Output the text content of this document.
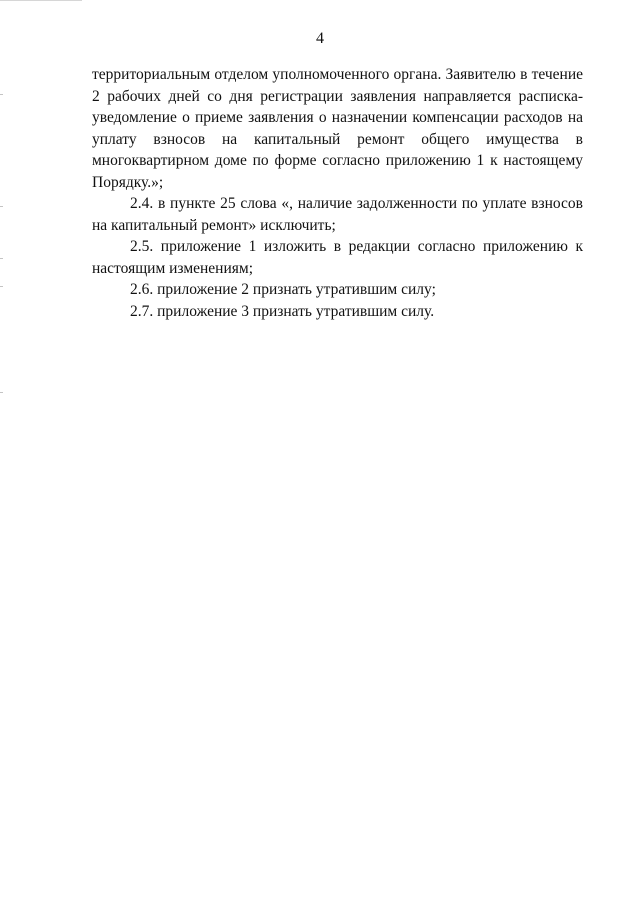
4

территориальным отделом уполномоченного органа. Заявителю в течение 2 рабочих дней со дня регистрации заявления направляется расписка-уведомление о приеме заявления о назначении компенсации расходов на уплату взносов на капитальный ремонт общего имущества в многоквартирном доме по форме согласно приложению 1 к настоящему Порядку.»;

2.4. в пункте 25 слова «, наличие задолженности по уплате взносов на капитальный ремонт» исключить;

2.5. приложение 1 изложить в редакции согласно приложению к настоящим изменениям;

2.6. приложение 2 признать утратившим силу;

2.7. приложение 3 признать утратившим силу.
